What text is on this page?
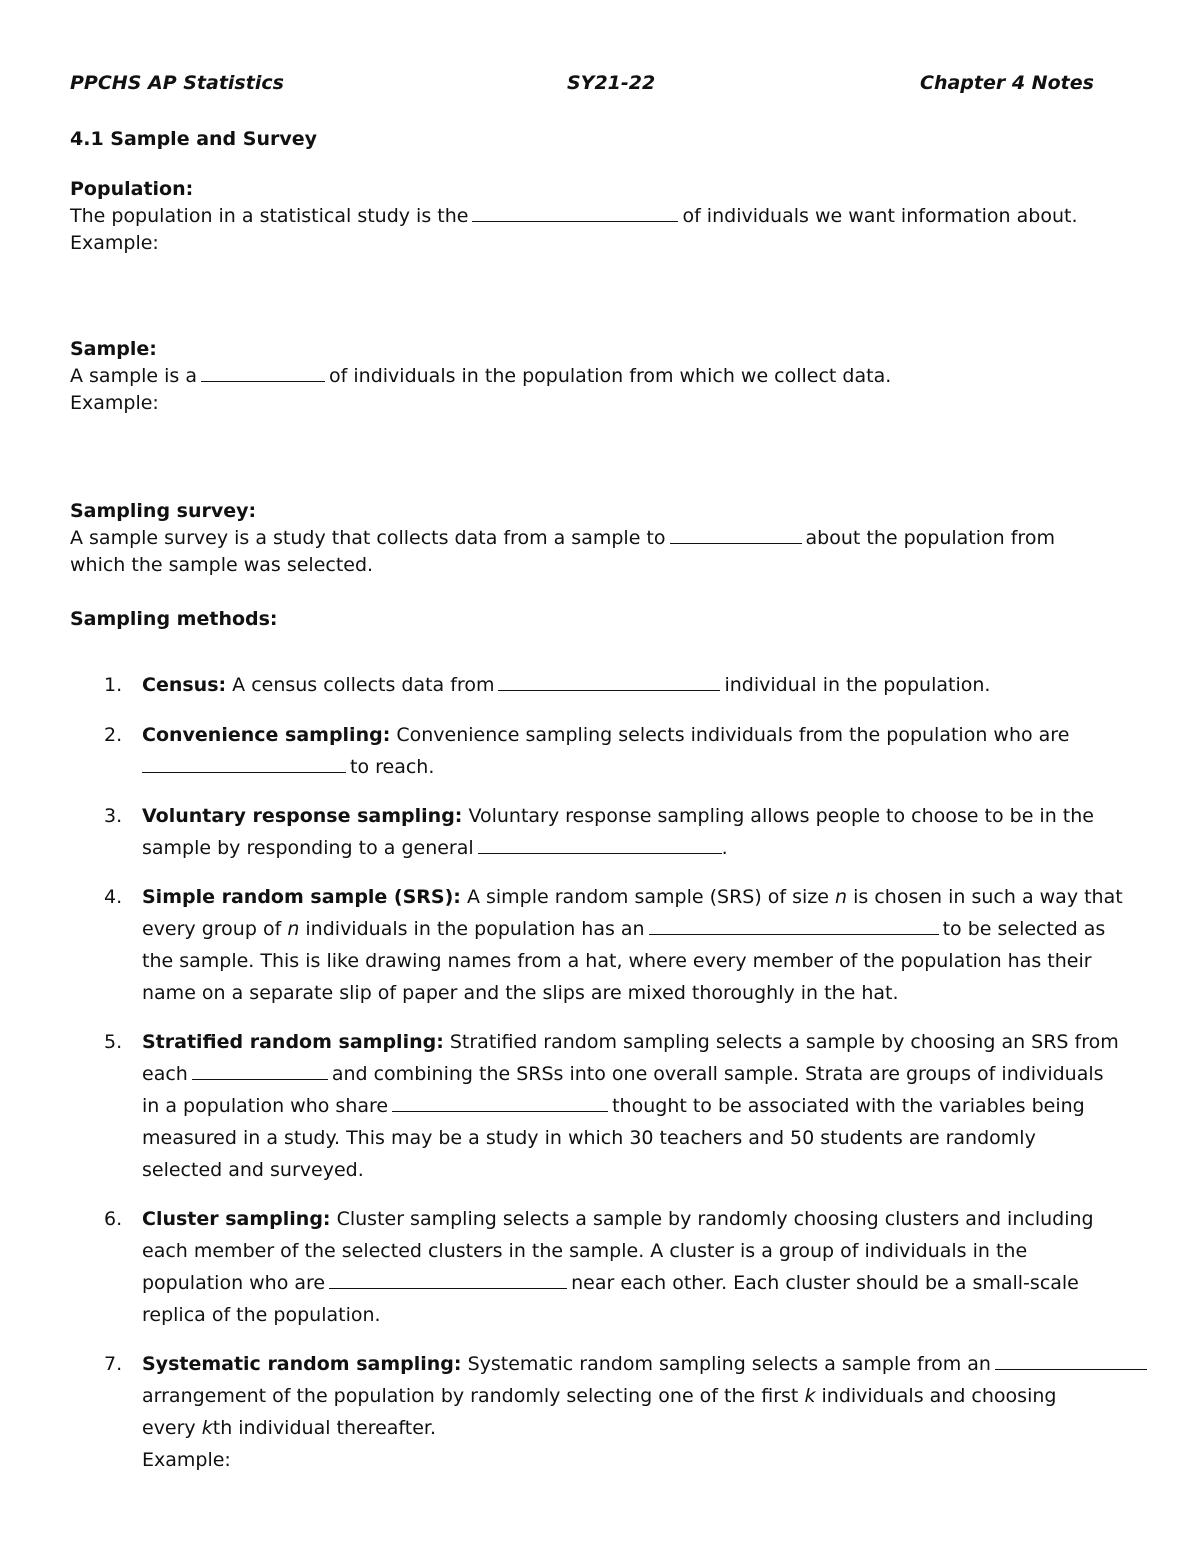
PPCHS AP Statistics	SY21-22	Chapter 4 Notes
4.1 Sample and Survey
Population:
The population in a statistical study is the	of individuals we want information about.
Example:
Sample:
A sample is a	of individuals in the population from which we collect data.
Example:
Sampling survey:
A sample survey is a study that collects data from a sample to	about the population from
which the sample was selected.
Sampling methods:
1. Census: A census collects data from	individual in the population.
2. Convenience sampling: Convenience sampling selects individuals from the population who are
to reach.
3. Voluntary response sampling: Voluntary response sampling allows people to choose to be in the
sample by responding to a general	.
4. Simple random sample (SRS): A simple random sample (SRS) of size n is chosen in such a way that
every group of n individuals in the population has an	to be selected as
the sample. This is like drawing names from a hat, where every member of the population has their
name on a separate slip of paper and the slips are mixed thoroughly in the hat.
5. Stratified random sampling: Stratified random sampling selects a sample by choosing an SRS from
each	and combining the SRSs into one overall sample. Strata are groups of individuals
in a population who share	thought to be associated with the variables being
measured in a study. This may be a study in which 30 teachers and 50 students are randomly
selected and surveyed.
6. Cluster sampling: Cluster sampling selects a sample by randomly choosing clusters and including
each member of the selected clusters in the sample. A cluster is a group of individuals in the
population who are	near each other. Each cluster should be a small-scale
replica of the population.
7. Systematic random sampling: Systematic random sampling selects a sample from an
arrangement of the population by randomly selecting one of the first k individuals and choosing
every kth individual thereafter.
Example:
